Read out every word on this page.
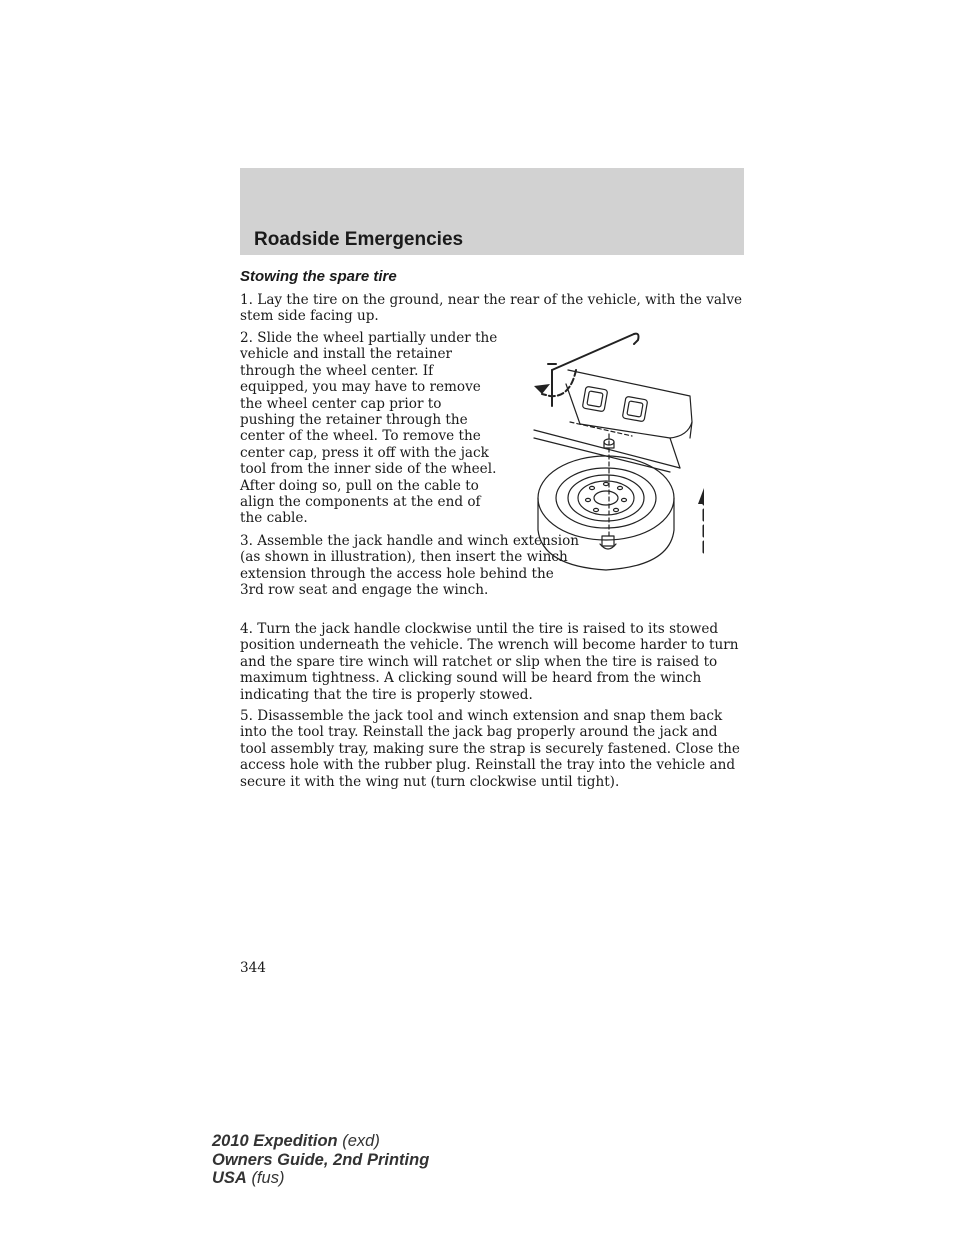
Roadside Emergencies
Stowing the spare tire

1. Lay the tire on the ground, near the rear of the vehicle, with the valve stem side facing up.

2. Slide the wheel partially under the vehicle and install the retainer through the wheel center. If equipped, you may have to remove the wheel center cap prior to pushing the retainer through the center of the wheel. To remove the center cap, press it off with the jack tool from the inner side of the wheel. After doing so, pull on the cable to align the components at the end of the cable.

3. Assemble the jack handle and winch extension (as shown in illustration), then insert the winch extension through the access hole behind the 3rd row seat and engage the winch.

4. Turn the jack handle clockwise until the tire is raised to its stowed position underneath the vehicle. The wrench will become harder to turn and the spare tire winch will ratchet or slip when the tire is raised to maximum tightness. A clicking sound will be heard from the winch indicating that the tire is properly stowed.

5. Disassemble the jack tool and winch extension and snap them back into the tool tray. Reinstall the jack bag properly around the jack and tool assembly tray, making sure the strap is securely fastened. Close the access hole with the rubber plug. Reinstall the tray into the vehicle and secure it with the wing nut (turn clockwise until tight).

344

2010 Expedition (exd)
Owners Guide, 2nd Printing
USA (fus)
